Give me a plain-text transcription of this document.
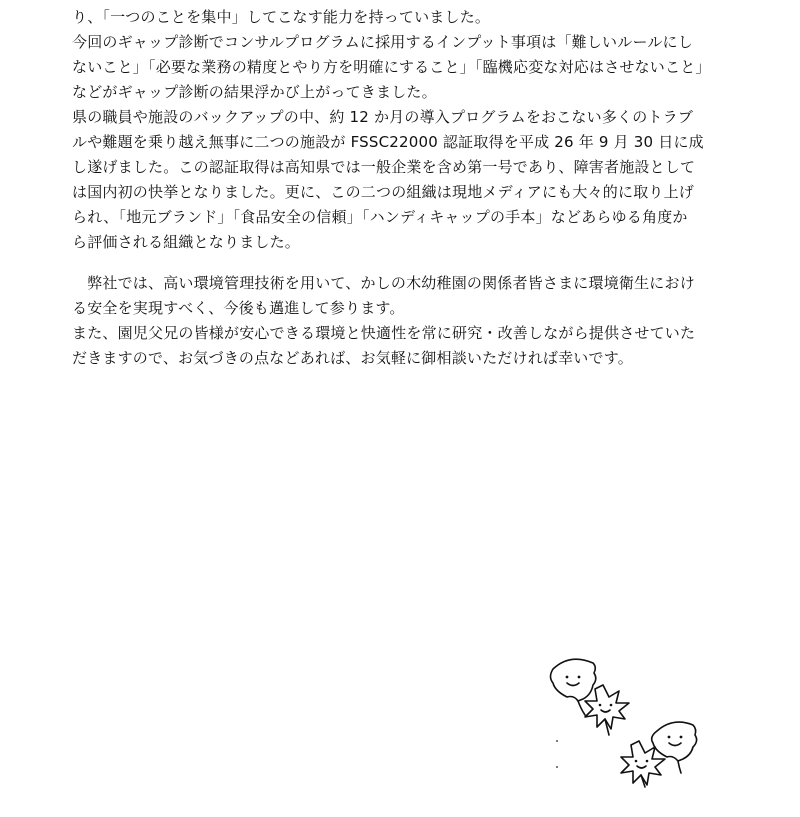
り、「一つのことを集中」してこなす能力を持っていました。
今回のギャップ診断でコンサルプログラムに採用するインプット事項は「難しいルールにし
ないこと」「必要な業務の精度とやり方を明確にすること」「臨機応変な対応はさせないこと」
などがギャップ診断の結果浮かび上がってきました。
県の職員や施設のバックアップの中、約 12 か月の導入プログラムをおこない多くのトラブ
ルや難題を乗り越え無事に二つの施設が FSSC22000 認証取得を平成 26 年 9 月 30 日に成
し遂げました。この認証取得は高知県では一般企業を含め第一号であり、障害者施設として
は国内初の快挙となりました。更に、この二つの組織は現地メディアにも大々的に取り上げ
られ、「地元ブランド」「食品安全の信頼」「ハンディキャップの手本」などあらゆる角度か
ら評価される組織となりました。
　弊社では、高い環境管理技術を用いて、かしの木幼稚園の関係者皆さまに環境衛生におけ
る安全を実現すべく、今後も邁進して参ります。
また、園児父兄の皆様が安心できる環境と快適性を常に研究・改善しながら提供させていた
だきますので、お気づきの点などあれば、お気軽に御相談いただければ幸いです。
